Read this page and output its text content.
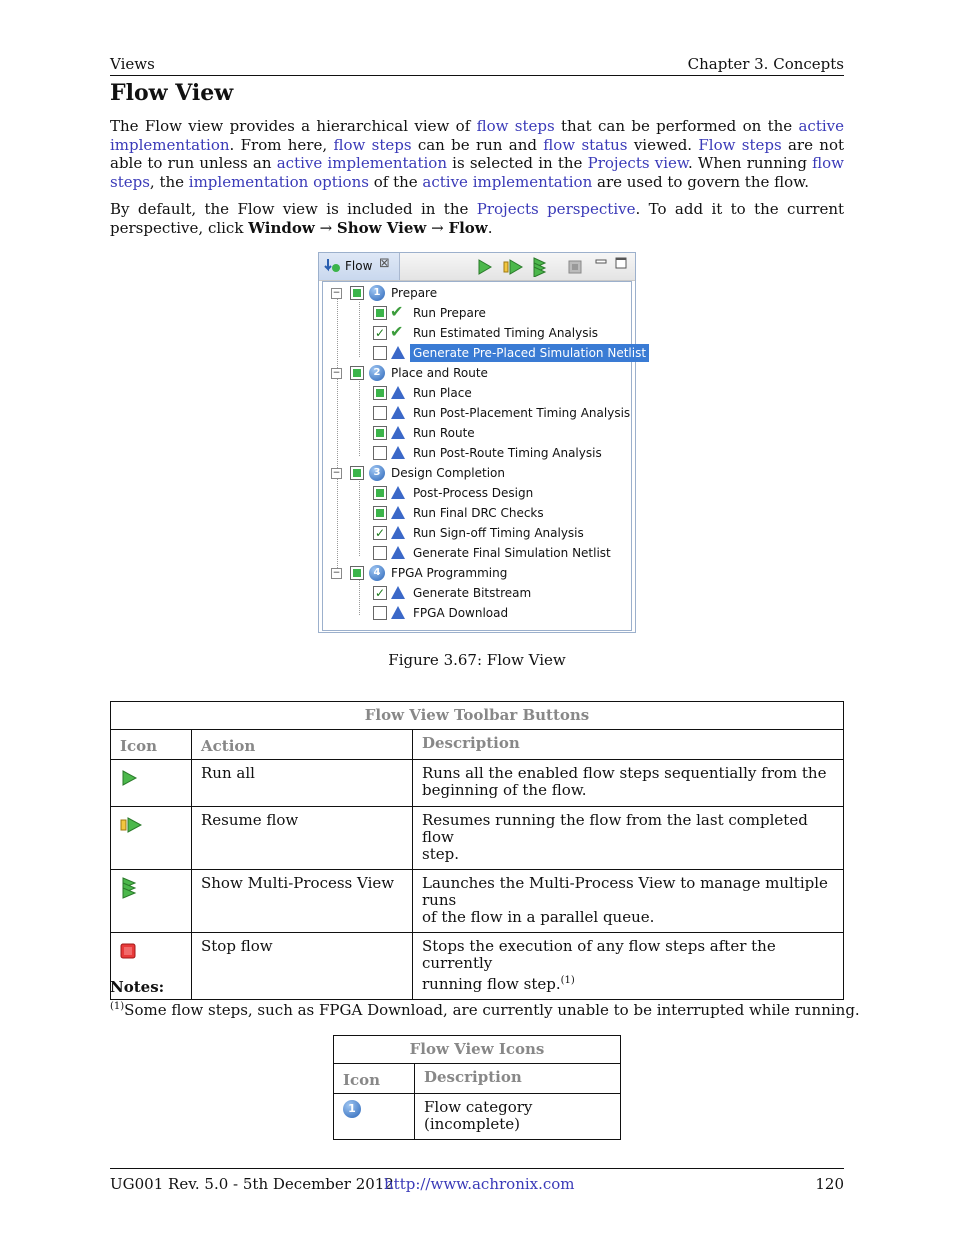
Views	Chapter 3. Concepts
Flow View
The Flow view provides a hierarchical view of flow steps that can be performed on the active implementation. From here, flow steps can be run and flow status viewed. Flow steps are not able to run unless an active implementation is selected in the Projects view. When running flow steps, the implementation options of the active implementation are used to govern the flow.
By default, the Flow view is included in the Projects perspective. To add it to the current perspective, click Window → Show View → Flow.
Flow ⊠
−	1 Prepare
✔ Run Prepare
✓ ✔ Run Estimated Timing Analysis
Generate Pre-Placed Simulation Netlist
−	2 Place and Route
Run Place
Run Post-Placement Timing Analysis
Run Route
Run Post-Route Timing Analysis
−	3 Design Completion
Post-Process Design
Run Final DRC Checks
✓ Run Sign-off Timing Analysis
Generate Final Simulation Netlist
−	4 FPGA Programming
✓ Generate Bitstream
FPGA Download
Figure 3.67: Flow View
Flow View Toolbar Buttons		
Icon	Action	Description
	Run all	Runs all the enabled flow steps sequentially from the
beginning of the flow.
	Resume flow	Resumes running the flow from the last completed flow
step.
	Show Multi-Process View	Launches the Multi-Process View to manage multiple runs
of the flow in a parallel queue.
	Stop flow	Stops the execution of any flow steps after the currently
running flow step.$^{(1)}$
Notes:
$^{(1)}$Some flow steps, such as FPGA Download, are currently unable to be interrupted while running.
Flow View Icons	
Icon	Description
1	Flow category (incomplete)
UG001 Rev. 5.0 - 5th December 2012
http://www.achronix.com	120
